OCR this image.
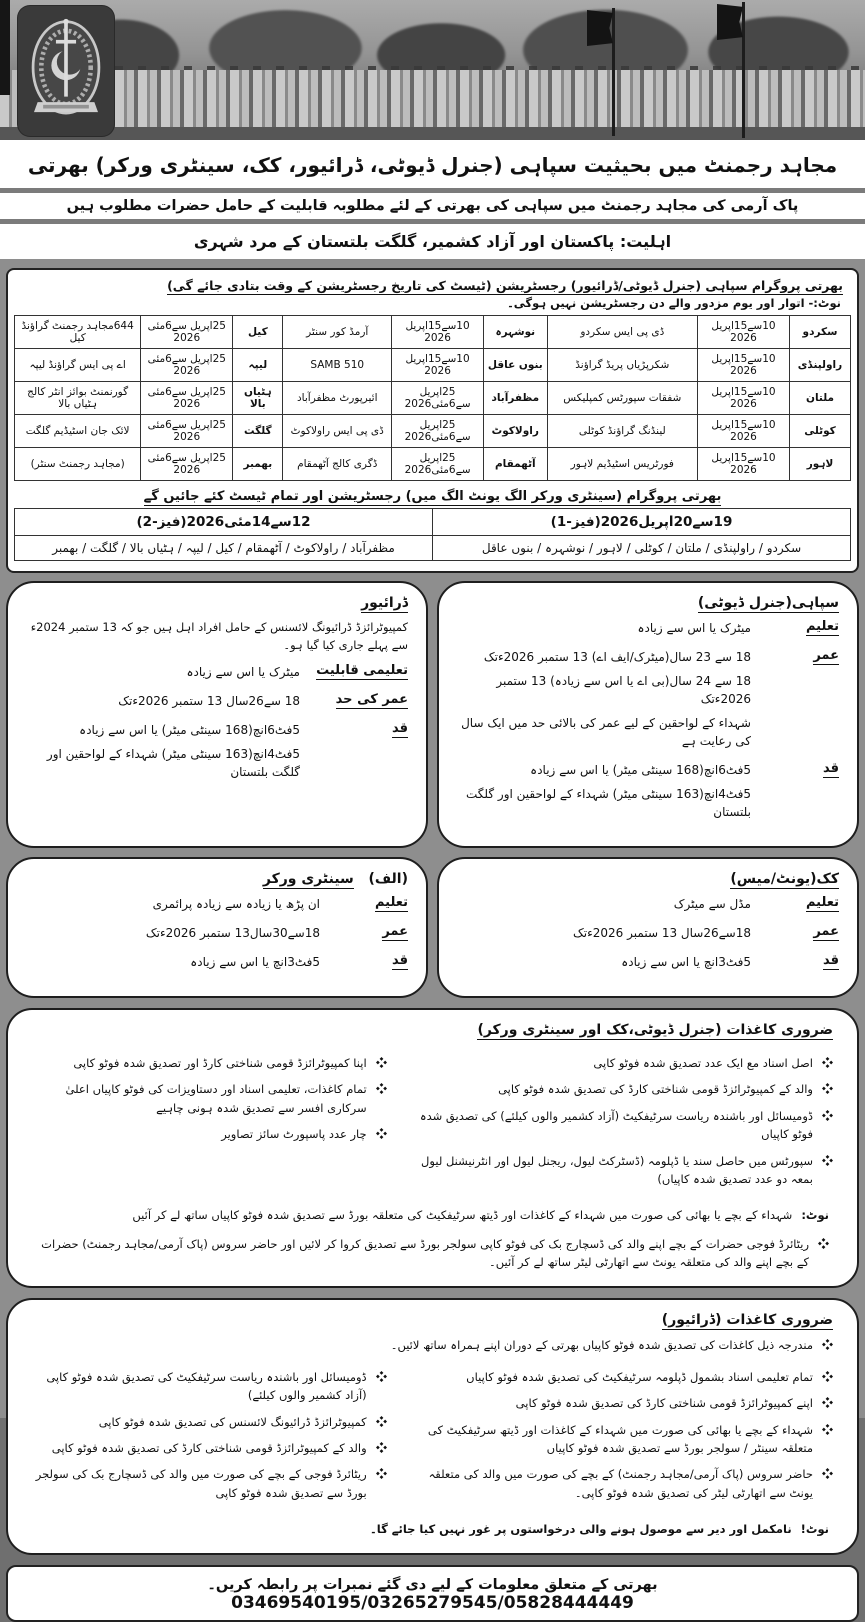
مجاہد رجمنٹ میں بحیثیت سپاہی (جنرل ڈیوٹی، ڈرائیور، کک، سینٹری ورکر) بھرتی
پاک آرمی کی مجاہد رجمنٹ میں سپاہی کی بھرتی کے لئے مطلوبہ قابلیت کے حامل حضرات مطلوب ہیں
اہلیت: پاکستان اور آزاد کشمیر، گلگت بلتستان کے مرد شہری
بھرتی پروگرام سپاہی (جنرل ڈیوٹی/ڈرائیور) رجسٹریشن (ٹیسٹ کی تاریخ رجسٹریشن کے وقت بتادی جائے گی)
نوٹ:- اتوار اور یوم مزدور والے دن رجسٹریشن نہیں ہوگی۔
سکردو	10سے15اپریل 2026	ڈی پی ایس سکردو	نوشہرہ	10سے15اپریل 2026	آرمڈ کور سنٹر	کیل	25اپریل سے6مئی 2026	644مجاہد رجمنٹ گراؤنڈ کیل
راولپنڈی	10سے15اپریل 2026	شکرپڑیاں پریڈ گراؤنڈ	بنوں عاقل	10سے15اپریل 2026	510 SAMB	لیپہ	25اپریل سے6مئی 2026	اے پی ایس گراؤنڈ لیپہ
ملتان	10سے15اپریل 2026	شفقات سپورٹس کمپلیکس	مظفرآباد	25اپریل سے6مئی2026	ائیرپورٹ مظفرآباد	ہٹیاں بالا	25اپریل سے6مئی 2026	گورنمنٹ بوائز انٹر کالج ہٹیاں بالا
کوٹلی	10سے15اپریل 2026	لینڈنگ گراؤنڈ کوٹلی	راولاکوٹ	25اپریل سے6مئی2026	ڈی پی ایس راولاکوٹ	گلگت	25اپریل سے6مئی 2026	لائک جان اسٹیڈیم گلگت
لاہور	10سے15اپریل 2026	فورٹریس اسٹیڈیم لاہور	آٹھمقام	25اپریل سے6مئی2026	ڈگری کالج آٹھمقام	بھمبر	25اپریل سے6مئی 2026	(مجاہد رجمنٹ سنٹر)
بھرتی پروگرام (سینٹری ورکر الگ یونٹ الگ میں) رجسٹریشن اور تمام ٹیسٹ کئے جائیں گے
19سے20اپریل2026(فیز-1)	12سے14مئی2026(فیز-2)
سکردو / راولپنڈی / ملتان / کوٹلی / لاہور / نوشہرہ / بنوں عاقل	مظفرآباد / راولاکوٹ / آٹھمقام / کیل / لیپہ / ہٹیاں بالا / گلگت / بھمبر
سپاہی(جنرل ڈیوٹی)
تعلیم
میٹرک یا اس سے زیادہ
عمر
18 سے 23 سال(میٹرک/ایف اے) 13 ستمبر 2026ءتک
18 سے 24 سال(بی اے یا اس سے زیادہ) 13 ستمبر 2026ءتک
شہداء کے لواحقین کے لیے عمر کی بالائی حد میں ایک سال کی رعایت ہے
قد
5فٹ6انچ(168 سینٹی میٹر) یا اس سے زیادہ
5فٹ4انچ(163 سینٹی میٹر) شہداء کے لواحقین اور گلگت بلتستان
ڈرائیور
کمپیوٹرائزڈ ڈرائیونگ لائسنس کے حامل افراد اہل ہیں جو کہ 13 ستمبر 2024ء سے پہلے جاری کیا گیا ہو۔
تعلیمی قابلیت
میٹرک یا اس سے زیادہ
عمر کی حد
18 سے26سال 13 ستمبر 2026ءتک
قد
5فٹ6انچ(168 سینٹی میٹر) یا اس سے زیادہ
5فٹ4انچ(163 سینٹی میٹر) شہداء کے لواحقین اور گلگت بلتستان
کک(یونٹ/میس)
تعلیم
مڈل سے میٹرک
عمر
18سے26سال 13 ستمبر 2026ءتک
قد
5فٹ3انچ یا اس سے زیادہ
(الف)   سینٹری ورکر
تعلیم
ان پڑھ یا زیادہ سے زیادہ پرائمری
عمر
18سے30سال13 ستمبر 2026ءتک
قد
5فٹ3انچ یا اس سے زیادہ
ضروری کاغذات (جنرل ڈیوٹی،کک اور سینٹری ورکر)
اصل اسناد مع ایک عدد تصدیق شدہ فوٹو کاپی
والد کے کمپیوٹرائزڈ قومی شناختی کارڈ کی تصدیق شدہ فوٹو کاپی
ڈومیسائل اور باشندہ ریاست سرٹیفکیٹ (آزاد کشمیر والوں کیلئے) کی تصدیق شدہ فوٹو کاپیاں
سپورٹس میں حاصل سند یا ڈپلومہ (ڈسٹرکٹ لیول، ریجنل لیول اور انٹرنیشنل لیول بمعہ دو عدد تصدیق شدہ کاپیاں)
اپنا کمپیوٹرائزڈ قومی شناختی کارڈ اور تصدیق شدہ فوٹو کاپی
تمام کاغذات، تعلیمی اسناد اور دستاویزات کی فوٹو کاپیاں اعلیٰ سرکاری افسر سے تصدیق شدہ ہونی چاہیے
چار عدد پاسپورٹ سائز تصاویر
نوٹ:
شہداء کے بچے یا بھائی کی صورت میں شہداء کے کاغذات اور ڈیتھ سرٹیفکیٹ کی متعلقہ بورڈ سے تصدیق شدہ فوٹو کاپیاں ساتھ لے کر آئیں
ریٹائرڈ فوجی حضرات کے بچے اپنے والد کی ڈسچارج بک کی فوٹو کاپی سولجر بورڈ سے تصدیق کروا کر لائیں اور حاضر سروس (پاک آرمی/مجاہد رجمنٹ) حضرات کے بچے اپنے والد کی متعلقہ یونٹ سے اتھارٹی لیٹر ساتھ لے کر آئیں۔
ضروری کاغذات (ڈرائیور)
مندرجہ ذیل کاغذات کی تصدیق شدہ فوٹو کاپیاں بھرتی کے دوران اپنے ہمراہ ساتھ لائیں۔
تمام تعلیمی اسناد بشمول ڈپلومہ سرٹیفکیٹ کی تصدیق شدہ فوٹو کاپیاں
اپنے کمپیوٹرائزڈ قومی شناختی کارڈ کی تصدیق شدہ فوٹو کاپی
شہداء کے بچے یا بھائی کی صورت میں شہداء کے کاغذات اور ڈیتھ سرٹیفکیٹ کی متعلقہ سینٹر / سولجر بورڈ سے تصدیق شدہ فوٹو کاپیاں
حاضر سروس (پاک آرمی/مجاہد رجمنٹ) کے بچے کی صورت میں والد کی متعلقہ یونٹ سے اتھارٹی لیٹر کی تصدیق شدہ فوٹو کاپی۔
ڈومیسائل اور باشندہ ریاست سرٹیفکیٹ کی تصدیق شدہ فوٹو کاپی (آزاد کشمیر والوں کیلئے)
کمپیوٹرائزڈ ڈرائیونگ لائسنس کی تصدیق شدہ فوٹو کاپی
والد کے کمپیوٹرائزڈ قومی شناختی کارڈ کی تصدیق شدہ فوٹو کاپی
ریٹائرڈ فوجی کے بچے کی صورت میں والد کی ڈسچارج بک کی سولجر بورڈ سے تصدیق شدہ فوٹو کاپی
نوٹ!
نامکمل اور دیر سے موصول ہونے والی درخواستوں پر غور نہیں کیا جائے گا۔
بھرتی کے متعلق معلومات کے لیے دی گئے نمبرات پر رابطہ کریں۔ 03469540195/03265279545/05828444449
